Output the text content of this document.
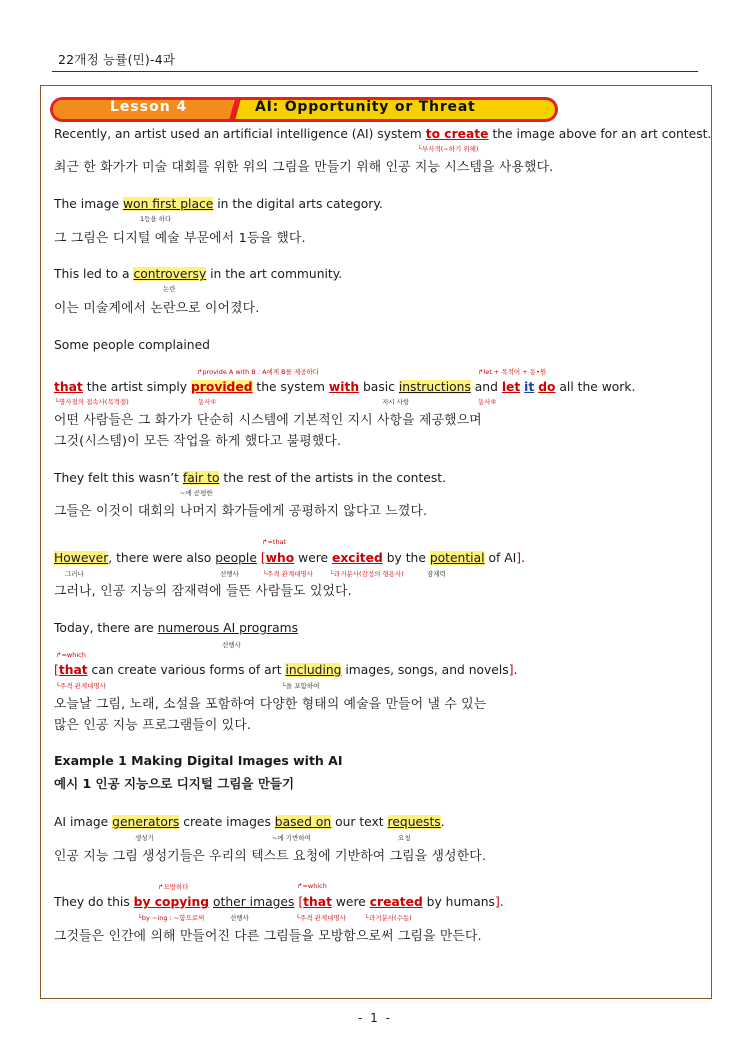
22개정 능률(민)-4과
Lesson 4	AI: Opportunity or Threat
Recently, an artist used an artificial intelligence (AI) system to create the image above for an art contest.
└부사적(~하기 위해)
최근 한 화가가 미술 대회를 위한 위의 그림을 만들기 위해 인공 지능 시스템을 사용했다.
The image won first place in the digital arts category.
1등을 하다
그 그림은 디지털 예술 부문에서 1등을 했다.
This led to a controversy in the art community.
논란
이는 미술계에서 논란으로 이어졌다.
Some people complained
↱provide A with B : A에게 B를 제공하다	↱let + 목적어 + 동•원
that the artist simply provided the system with basic instructions and let it do all the work.
└명사절의 접속사(목적절)	동사①	지시 사항	동사②
어떤 사람들은 그 화가가 단순히 시스템에 기본적인 지시 사항을 제공했으며
그것(시스템)이 모든 작업을 하게 했다고 불평했다.
They felt this wasn’t fair to the rest of the artists in the contest.
~에 공평한
그들은 이것이 대회의 나머지 화가들에게 공평하지 않다고 느꼈다.
↱=that
However, there were also people [who were excited by the potential of AI].
그러나	선행사	└주격 관계대명사	└과거분사(감정의 형용사)	잠재력
그러나, 인공 지능의 잠재력에 들뜬 사람들도 있었다.
Today, there are numerous AI programs
선행사
↱=which
[that can create various forms of art including images, songs, and novels].
└주격 관계대명사	└을 포함하여
오늘날 그림, 노래, 소설을 포함하여 다양한 형태의 예술을 만들어 낼 수 있는
많은 인공 지능 프로그램들이 있다.
Example 1 Making Digital Images with AI
예시 1 인공 지능으로 디지털 그림을 만들기
AI image generators create images based on our text requests.
생성기	~에 기반하여	요청
인공 지능 그림 생성기들은 우리의 텍스트 요청에 기반하여 그림을 생성한다.
↱모방하다	↱=which
They do this by copying other images [that were created by humans].
└by ~ing : ~함으로써	선행사	└주격 관계대명사	└과거분사(수동)
그것들은 인간에 의해 만들어진 다른 그림들을 모방함으로써 그림을 만든다.
- 1 -
